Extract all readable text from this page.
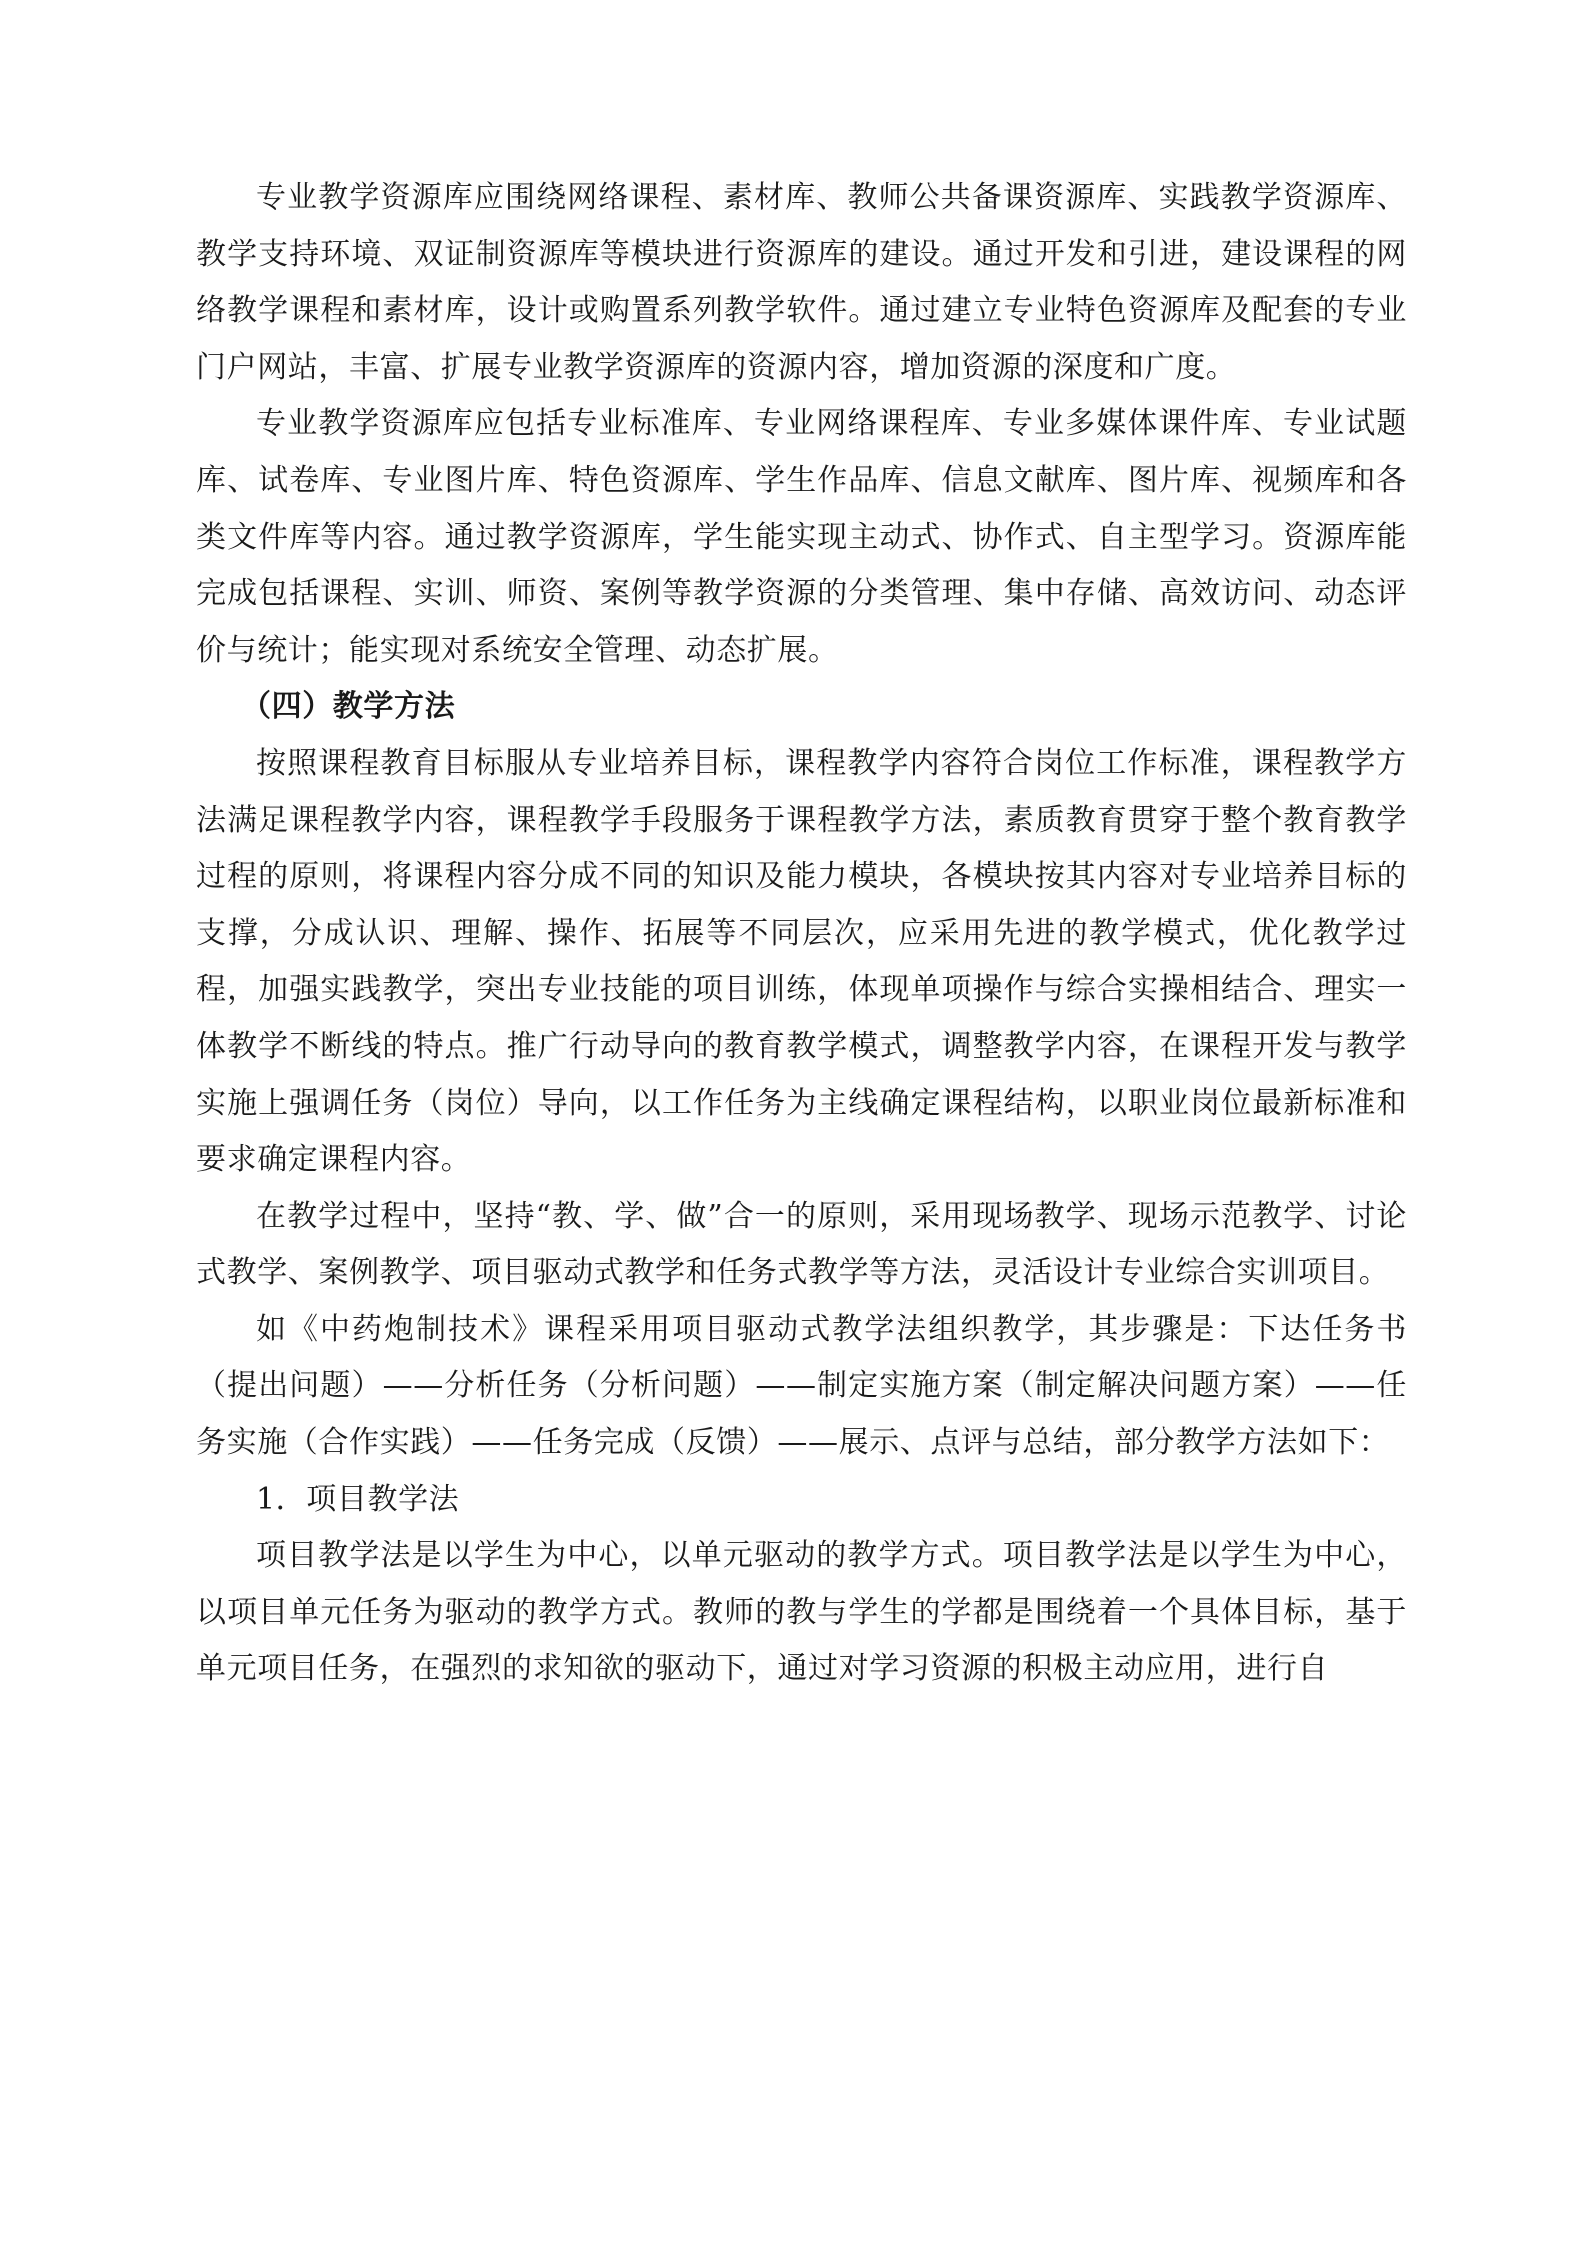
专业教学资源库应围绕网络课程、素材库、教师公共备课资源库、实践教学资源库、教学支持环境、双证制资源库等模块进行资源库的建设。通过开发和引进，建设课程的网络教学课程和素材库，设计或购置系列教学软件。通过建立专业特色资源库及配套的专业门户网站，丰富、扩展专业教学资源库的资源内容，增加资源的深度和广度。

专业教学资源库应包括专业标准库、专业网络课程库、专业多媒体课件库、专业试题库、试卷库、专业图片库、特色资源库、学生作品库、信息文献库、图片库、视频库和各类文件库等内容。通过教学资源库，学生能实现主动式、协作式、自主型学习。资源库能完成包括课程、实训、师资、案例等教学资源的分类管理、集中存储、高效访问、动态评价与统计；能实现对系统安全管理、动态扩展。

（四）教学方法

按照课程教育目标服从专业培养目标，课程教学内容符合岗位工作标准，课程教学方法满足课程教学内容，课程教学手段服务于课程教学方法，素质教育贯穿于整个教育教学过程的原则，将课程内容分成不同的知识及能力模块，各模块按其内容对专业培养目标的支撑，分成认识、理解、操作、拓展等不同层次，应采用先进的教学模式，优化教学过程，加强实践教学，突出专业技能的项目训练，体现单项操作与综合实操相结合、理实一体教学不断线的特点。推广行动导向的教育教学模式，调整教学内容，在课程开发与教学实施上强调任务（岗位）导向，以工作任务为主线确定课程结构，以职业岗位最新标准和要求确定课程内容。

在教学过程中，坚持“教、学、做”合一的原则，采用现场教学、现场示范教学、讨论式教学、案例教学、项目驱动式教学和任务式教学等方法，灵活设计专业综合实训项目。

如《中药炮制技术》课程采用项目驱动式教学法组织教学，其步骤是：下达任务书（提出问题）——分析任务（分析问题）——制定实施方案（制定解决问题方案）——任务实施（合作实践）——任务完成（反馈）——展示、点评与总结，部分教学方法如下：

1．项目教学法

项目教学法是以学生为中心，以单元驱动的教学方式。项目教学法是以学生为中心，以项目单元任务为驱动的教学方式。教师的教与学生的学都是围绕着一个具体目标，基于单元项目任务，在强烈的求知欲的驱动下，通过对学习资源的积极主动应用，进行自
